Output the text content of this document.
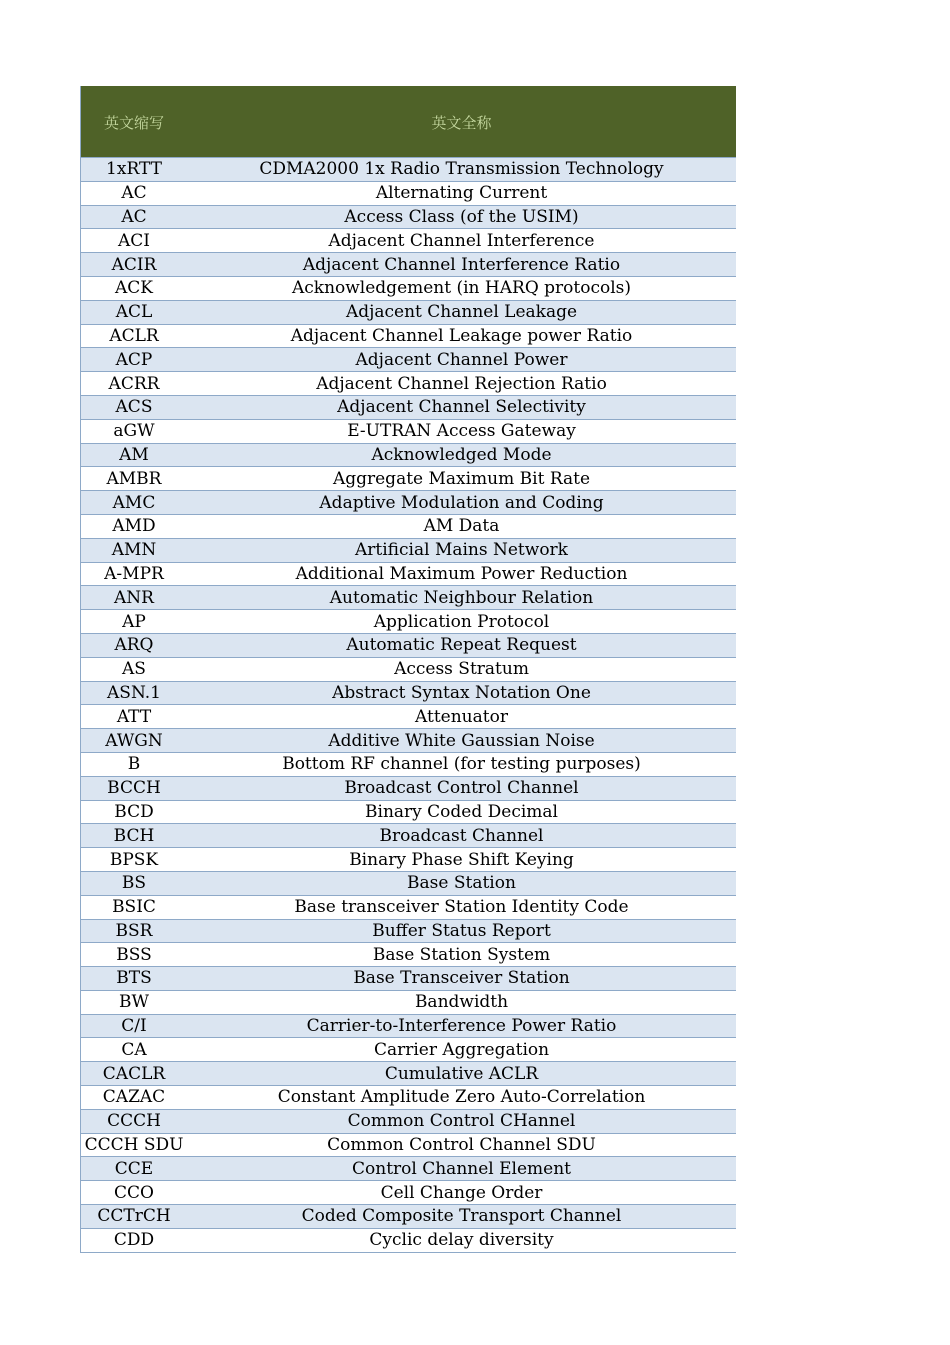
英文缩写	英文全称
1xRTT	CDMA2000 1x Radio Transmission Technology
AC	Alternating Current
AC	Access Class (of the USIM)
ACI	Adjacent Channel Interference
ACIR	Adjacent Channel Interference Ratio
ACK	Acknowledgement (in HARQ protocols)
ACL	Adjacent Channel Leakage
ACLR	Adjacent Channel Leakage power Ratio
ACP	Adjacent Channel Power
ACRR	Adjacent Channel Rejection Ratio
ACS	Adjacent Channel Selectivity
aGW	E-UTRAN Access Gateway
AM	Acknowledged Mode
AMBR	Aggregate Maximum Bit Rate
AMC	Adaptive Modulation and Coding
AMD	AM Data
AMN	Artificial Mains Network
A-MPR	Additional Maximum Power Reduction
ANR	Automatic Neighbour Relation
AP	Application Protocol
ARQ	Automatic Repeat Request
AS	Access Stratum
ASN.1	Abstract Syntax Notation One
ATT	Attenuator
AWGN	Additive White Gaussian Noise
B	Bottom RF channel (for testing purposes)
BCCH	Broadcast Control Channel
BCD	Binary Coded Decimal
BCH	Broadcast Channel
BPSK	Binary Phase Shift Keying
BS	Base Station
BSIC	Base transceiver Station Identity Code
BSR	Buffer Status Report
BSS	Base Station System
BTS	Base Transceiver Station
BW	Bandwidth
C/I	Carrier-to-Interference Power Ratio
CA	Carrier Aggregation
CACLR	Cumulative ACLR
CAZAC	Constant Amplitude Zero Auto-Correlation
CCCH	Common Control CHannel
CCCH SDU	Common Control Channel SDU
CCE	Control Channel Element
CCO	Cell Change Order
CCTrCH	Coded Composite Transport Channel
CDD	Cyclic delay diversity
